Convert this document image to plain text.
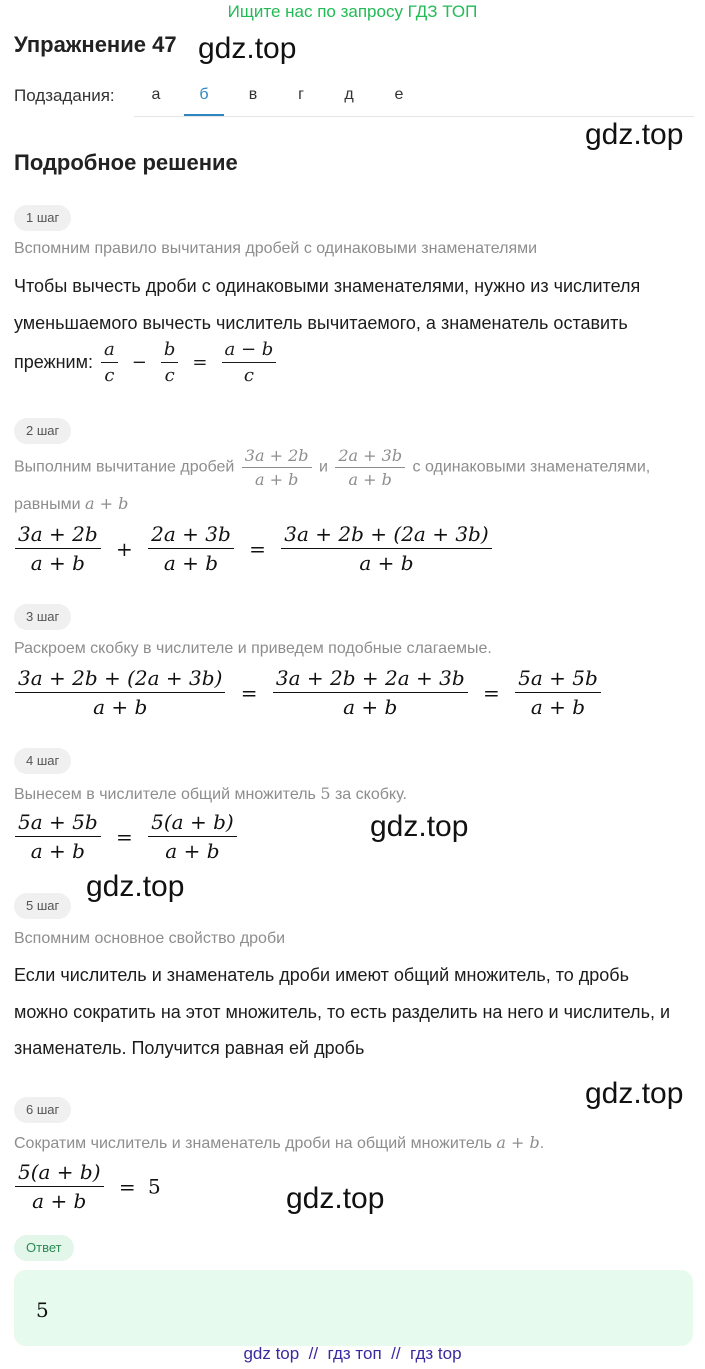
Ищите нас по запросу ГДЗ ТОП
Упражнение 47 gdz.top
Подзадания:	а	б	в	г	д	е
gdz.top
Подробное решение
1 шаг
Вспомним правило вычитания дробей с одинаковыми знаменателями
Чтобы вычесть дроби с одинаковыми знаменателями, нужно из числителя
уменьшаемого вычесть числитель вычитаемого, а знаменатель оставить
прежним: $\frac{a}{c} - \frac{b}{c} = \frac{a - b}{c}$
2 шаг
Выполним вычитание дробей $\frac{3a + 2b}{a + b}$ и $\frac{2a + 3b}{a + b}$ с одинаковыми знаменателями,
равными a + b
$\frac{3a + 2b}{a + b} + \frac{2a + 3b}{a + b} = \frac{3a + 2b + (2a + 3b)}{a + b}$
3 шаг
Раскроем скобку в числителе и приведем подобные слагаемые.
$\frac{3a + 2b + (2a + 3b)}{a + b} = \frac{3a + 2b + 2a + 3b}{a + b} = \frac{5a + 5b}{a + b}$
4 шаг
Вынесем в числителе общий множитель 5 за скобку.
$\frac{5a + 5b}{a + b} = \frac{5(a + b)}{a + b}$	gdz.top
gdz.top
5 шаг
Вспомним основное свойство дроби
Если числитель и знаменатель дроби имеют общий множитель, то дробь
можно сократить на этот множитель, то есть разделить на него и числитель, и
знаменатель. Получится равная ей дробь
gdz.top
6 шаг
Сократим числитель и знаменатель дроби на общий множитель a + b.
$\frac{5(a + b)}{a + b} = 5$	gdz.top
Ответ
5
gdz top  //  гдз топ  //  гдз top
